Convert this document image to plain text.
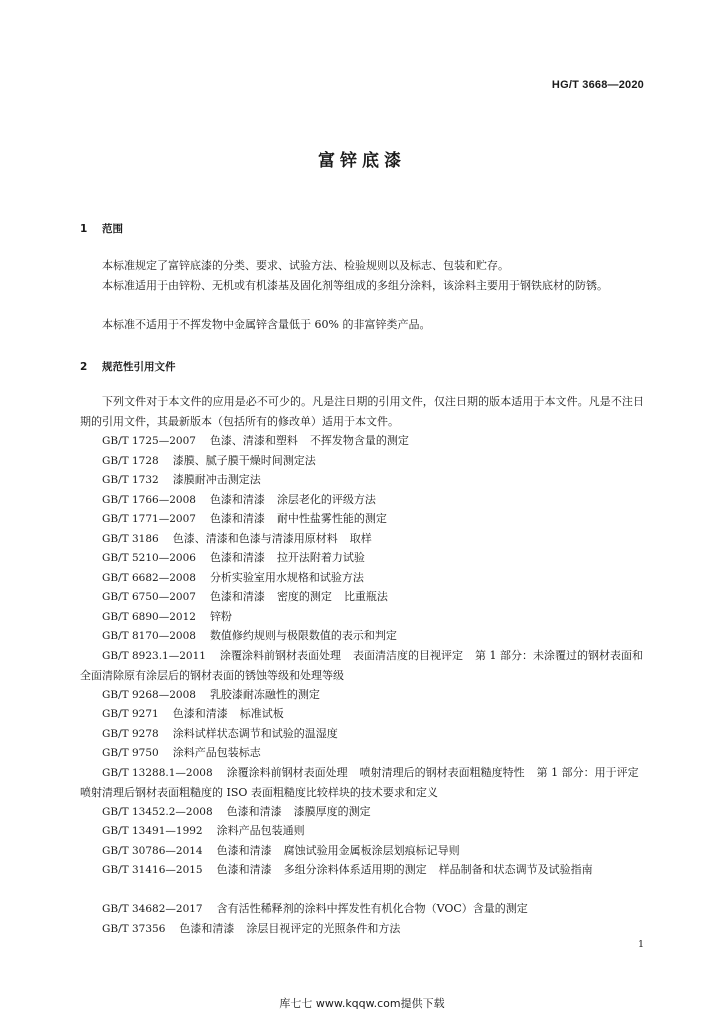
HG/T 3668—2020
富锌底漆
1 范围
本标准规定了富锌底漆的分类、要求、试验方法、检验规则以及标志、包装和贮存。
本标准适用于由锌粉、无机或有机漆基及固化剂等组成的多组分涂料，该涂料主要用于钢铁底材的防锈。
本标准不适用于不挥发物中金属锌含量低于 60% 的非富锌类产品。
2 规范性引用文件
下列文件对于本文件的应用是必不可少的。凡是注日期的引用文件，仅注日期的版本适用于本文件。凡是不注日期的引用文件，其最新版本（包括所有的修改单）适用于本文件。
GB/T 1725—2007 色漆、清漆和塑料 不挥发物含量的测定
GB/T 1728 漆膜、腻子膜干燥时间测定法
GB/T 1732 漆膜耐冲击测定法
GB/T 1766—2008 色漆和清漆 涂层老化的评级方法
GB/T 1771—2007 色漆和清漆 耐中性盐雾性能的测定
GB/T 3186 色漆、清漆和色漆与清漆用原材料 取样
GB/T 5210—2006 色漆和清漆 拉开法附着力试验
GB/T 6682—2008 分析实验室用水规格和试验方法
GB/T 6750—2007 色漆和清漆 密度的测定 比重瓶法
GB/T 6890—2012 锌粉
GB/T 8170—2008 数值修约规则与极限数值的表示和判定
GB/T 8923.1—2011 涂覆涂料前钢材表面处理 表面清洁度的目视评定 第 1 部分：未涂覆过的钢材表面和全面清除原有涂层后的钢材表面的锈蚀等级和处理等级
GB/T 9268—2008 乳胶漆耐冻融性的测定
GB/T 9271 色漆和清漆 标准试板
GB/T 9278 涂料试样状态调节和试验的温湿度
GB/T 9750 涂料产品包装标志
GB/T 13288.1—2008 涂覆涂料前钢材表面处理 喷射清理后的钢材表面粗糙度特性 第 1 部分：用于评定喷射清理后钢材表面粗糙度的 ISO 表面粗糙度比较样块的技术要求和定义
GB/T 13452.2—2008 色漆和清漆 漆膜厚度的测定
GB/T 13491—1992 涂料产品包装通则
GB/T 30786—2014 色漆和清漆 腐蚀试验用金属板涂层划痕标记导则
GB/T 31416—2015 色漆和清漆 多组分涂料体系适用期的测定 样品制备和状态调节及试验指南
GB/T 34682—2017 含有活性稀释剂的涂料中挥发性有机化合物（VOC）含量的测定
GB/T 37356 色漆和清漆 涂层目视评定的光照条件和方法
1
库七七 www.kqqw.com提供下载
